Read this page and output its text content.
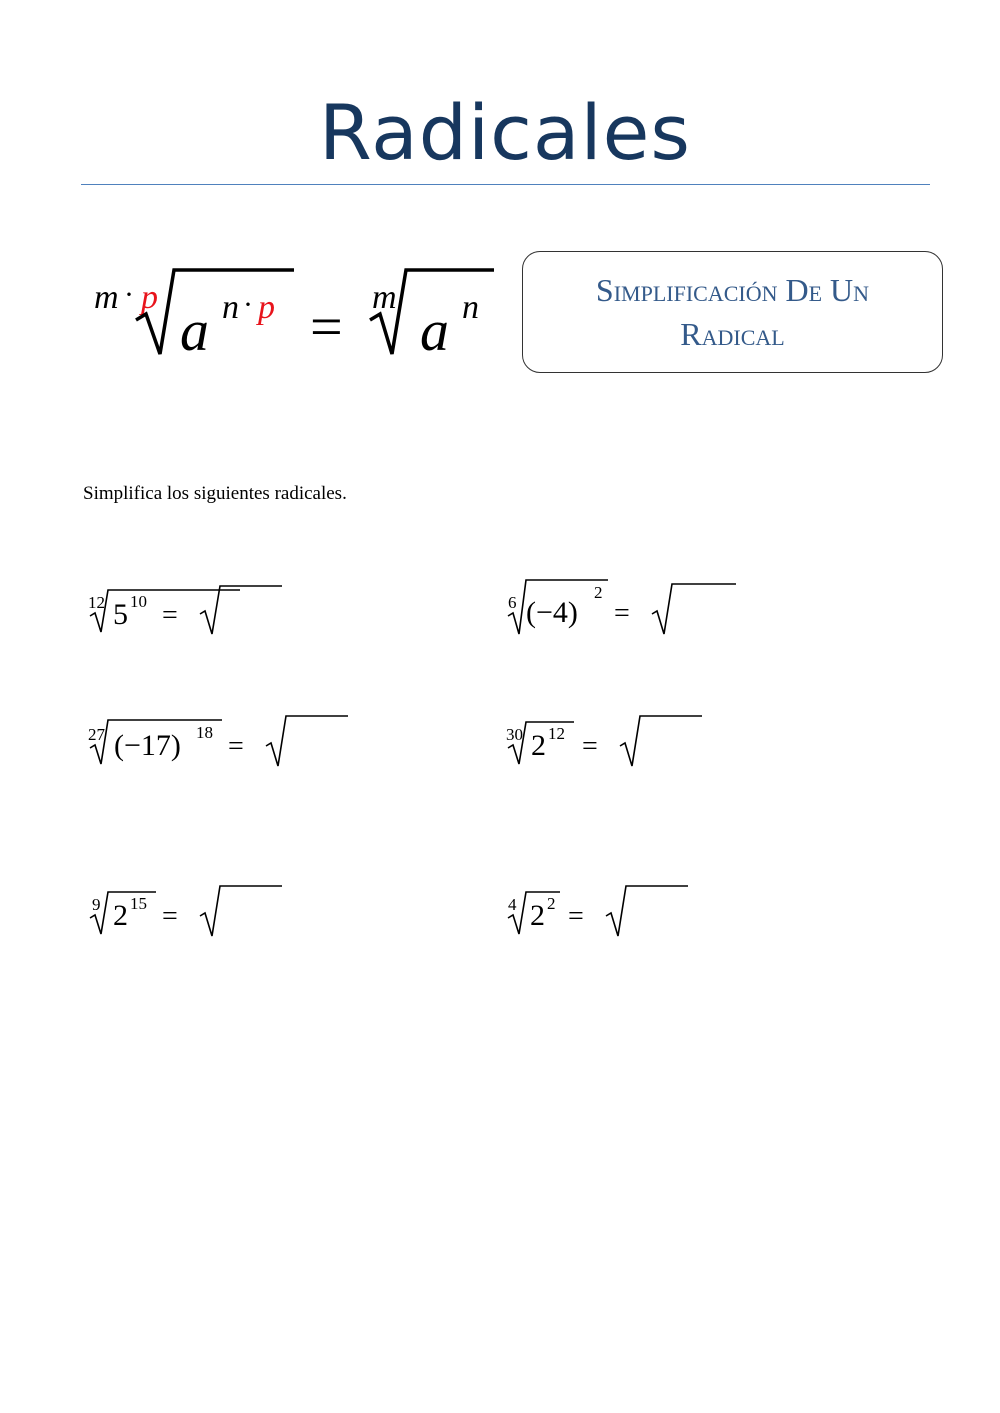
Radicales
m · p
a n · p = m
a n	Simplificación De Un Radical
Simplifica los siguientes radicales.
12 5 10 =	6 (−4)
2
=
27 (−17) 18 =	30 2 12 =
9 2 15 =	4 2 2 =
